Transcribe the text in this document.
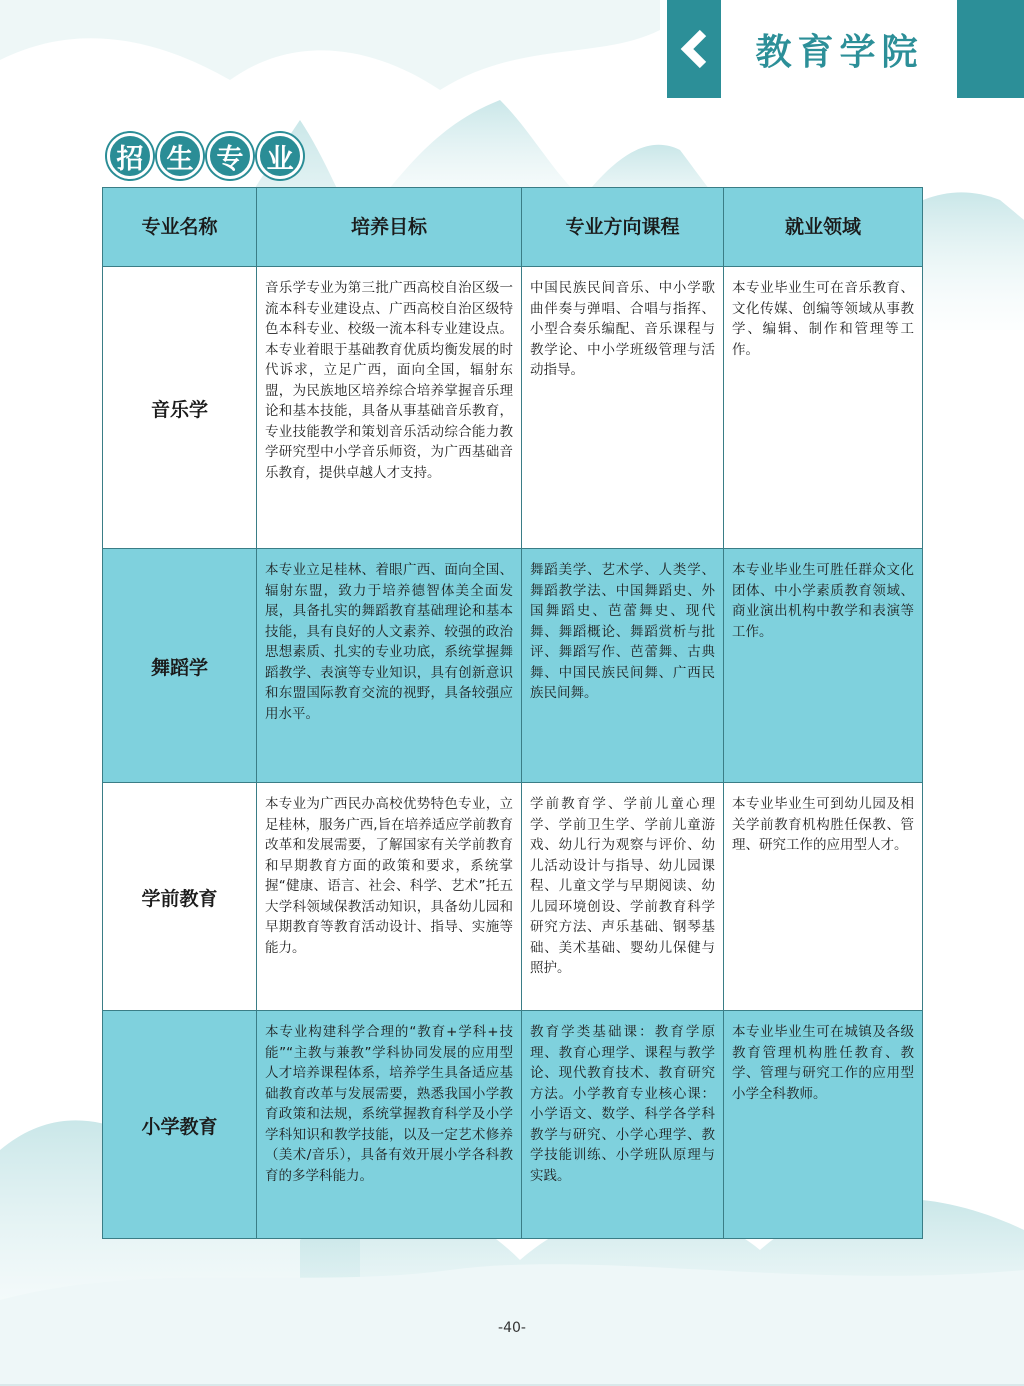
教育学院
招 生 专 业
专业名称	培养目标	专业方向课程	就业领域
音乐学	音乐学专业为第三批广西高校自治区级一流本科专业建设点、广西高校自治区级特色本科专业、校级一流本科专业建设点。本专业着眼于基础教育优质均衡发展的时代诉求，立足广西，面向全国，辐射东盟，为民族地区培养综合培养掌握音乐理论和基本技能，具备从事基础音乐教育，专业技能教学和策划音乐活动综合能力教学研究型中小学音乐师资，为广西基础音乐教育，提供卓越人才支持。	中国民族民间音乐、中小学歌曲伴奏与弹唱、合唱与指挥、小型合奏乐编配、音乐课程与教学论、中小学班级管理与活动指导。	本专业毕业生可在音乐教育、文化传媒、创编等领域从事教学、编辑、制作和管理等工作。
舞蹈学	本专业立足桂林、着眼广西、面向全国、辐射东盟，致力于培养德智体美全面发展，具备扎实的舞蹈教育基础理论和基本技能，具有良好的人文素养、较强的政治思想素质、扎实的专业功底，系统掌握舞蹈教学、表演等专业知识，具有创新意识和东盟国际教育交流的视野，具备较强应用水平。	舞蹈美学、艺术学、人类学、舞蹈教学法、中国舞蹈史、外国舞蹈史、芭蕾舞史、现代舞、舞蹈概论、舞蹈赏析与批评、舞蹈写作、芭蕾舞、古典舞、中国民族民间舞、广西民族民间舞。	本专业毕业生可胜任群众文化团体、中小学素质教育领域、商业演出机构中教学和表演等工作。
学前教育	本专业为广西民办高校优势特色专业，立足桂林，服务广西,旨在培养适应学前教育改革和发展需要，了解国家有关学前教育和早期教育方面的政策和要求，系统掌握“健康、语言、社会、科学、艺术”托五大学科领域保教活动知识，具备幼儿园和早期教育等教育活动设计、指导、实施等能力。	学前教育学、学前儿童心理学、学前卫生学、学前儿童游戏、幼儿行为观察与评价、幼儿活动设计与指导、幼儿园课程、儿童文学与早期阅读、幼儿园环境创设、学前教育科学研究方法、声乐基础、钢琴基础、美术基础、婴幼儿保健与照护。	本专业毕业生可到幼儿园及相关学前教育机构胜任保教、管理、研究工作的应用型人才。
小学教育	本专业构建科学合理的“教育+学科+技能”“主教与兼教”学科协同发展的应用型人才培养课程体系，培养学生具备适应基础教育改革与发展需要，熟悉我国小学教育政策和法规，系统掌握教育科学及小学学科知识和教学技能，以及一定艺术修养（美术/音乐），具备有效开展小学各科教育的多学科能力。	教育学类基础课：教育学原理、教育心理学、课程与教学论、现代教育技术、教育研究方法。小学教育专业核心课：小学语文、数学、科学各学科教学与研究、小学心理学、教学技能训练、小学班队原理与实践。	本专业毕业生可在城镇及各级教育管理机构胜任教育、教学、管理与研究工作的应用型小学全科教师。
-40-
